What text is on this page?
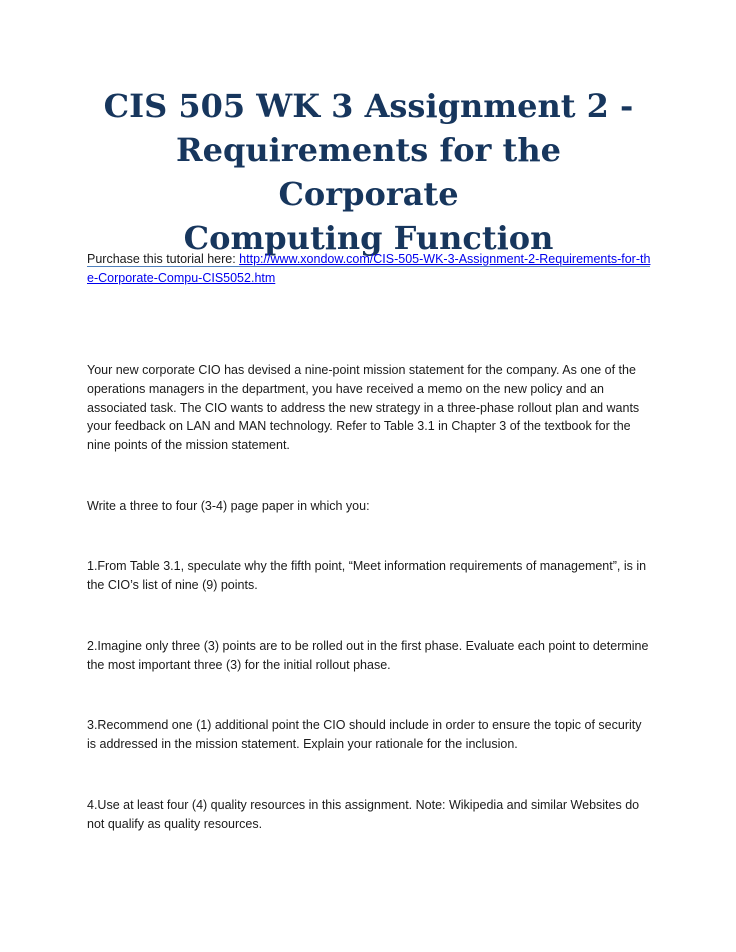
CIS 505 WK 3 Assignment 2 -
Requirements for the Corporate
Computing Function

Purchase this tutorial here: http://www.xondow.com/CIS-505-WK-3-Assignment-2-Requirements-for-the-Corporate-Compu-CIS5052.htm

Your new corporate CIO has devised a nine-point mission statement for the company. As one of the operations managers in the department, you have received a memo on the new policy and an associated task. The CIO wants to address the new strategy in a three-phase rollout plan and wants your feedback on LAN and MAN technology. Refer to Table 3.1 in Chapter 3 of the textbook for the nine points of the mission statement.

Write a three to four (3-4) page paper in which you:

1.From Table 3.1, speculate why the fifth point, “Meet information requirements of management”, is in the CIO’s list of nine (9) points.

2.Imagine only three (3) points are to be rolled out in the first phase. Evaluate each point to determine the most important three (3) for the initial rollout phase.

3.Recommend one (1) additional point the CIO should include in order to ensure the topic of security is addressed in the mission statement. Explain your rationale for the inclusion.

4.Use at least four (4) quality resources in this assignment. Note: Wikipedia and similar Websites do not qualify as quality resources.
